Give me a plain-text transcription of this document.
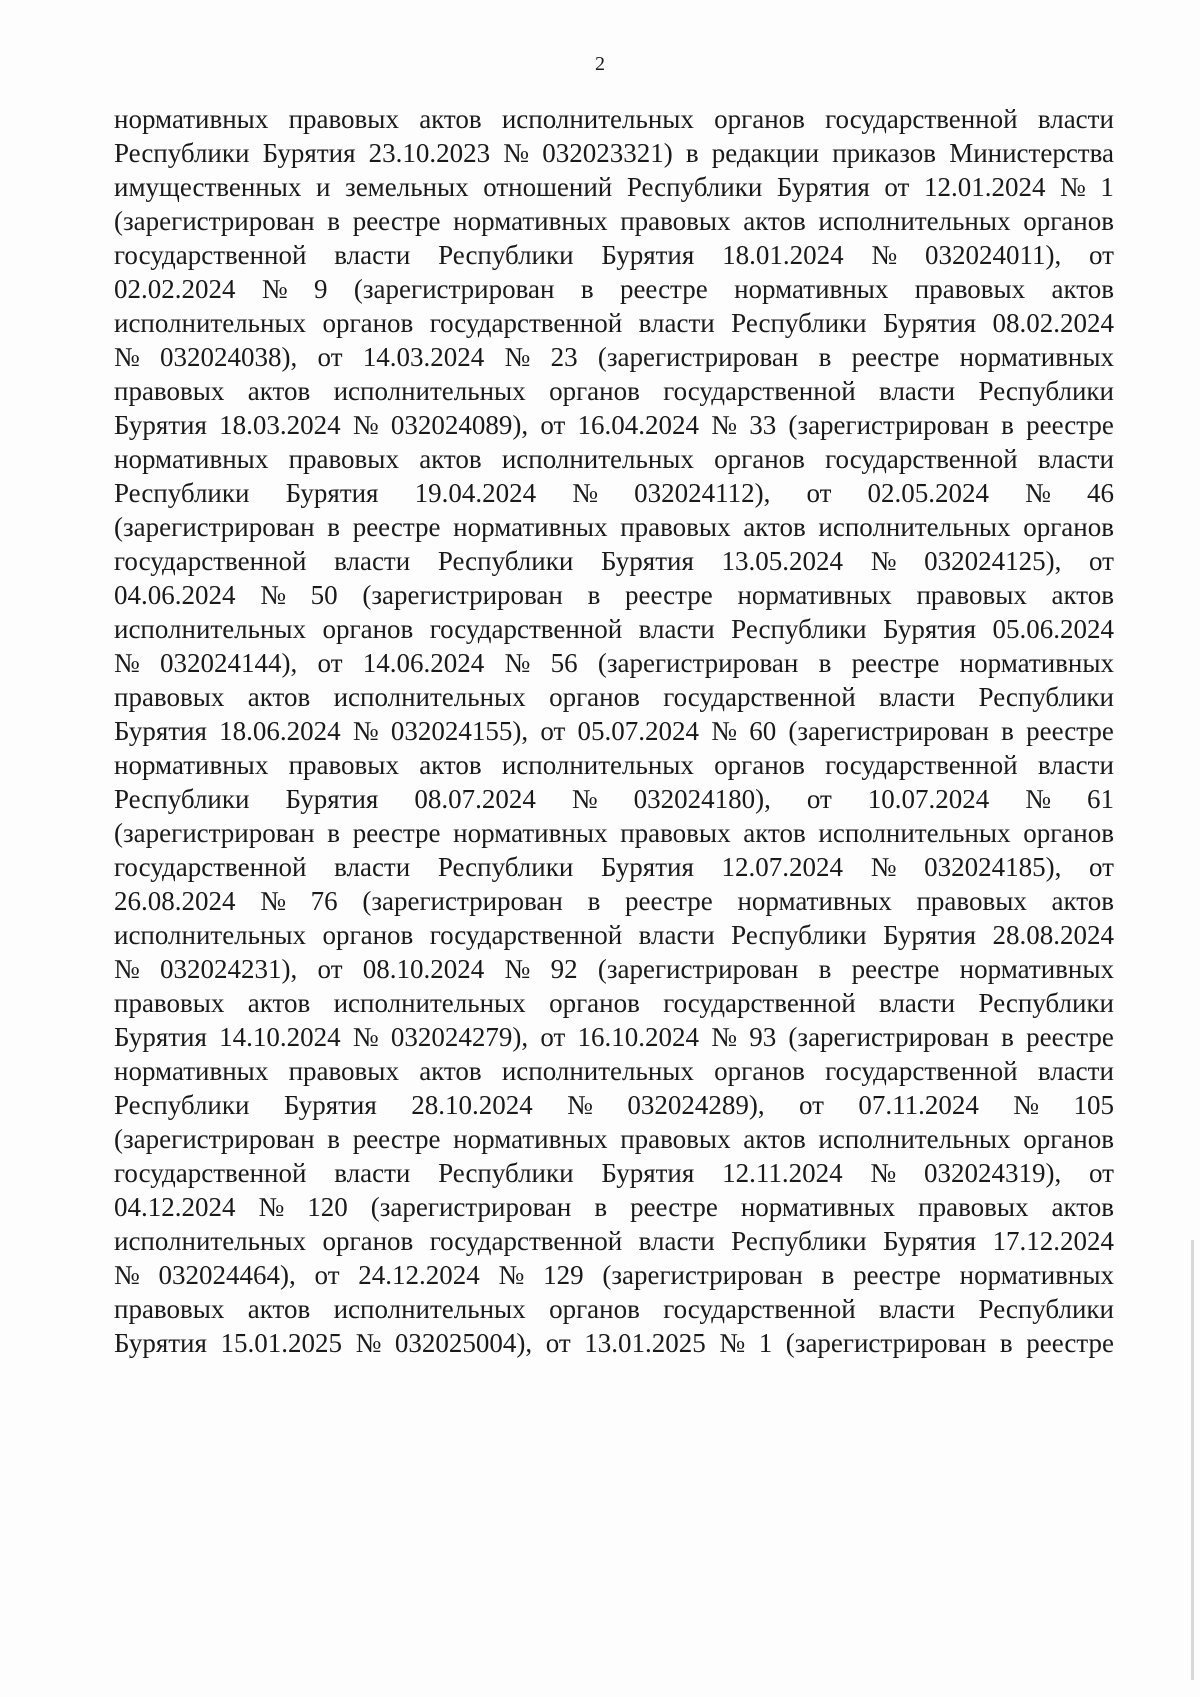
2
нормативных правовых актов исполнительных органов государственной власти
Республики Бурятия 23.10.2023 № 032023321) в редакции приказов Министерства
имущественных и земельных отношений Республики Бурятия от 12.01.2024 № 1
(зарегистрирован в реестре нормативных правовых актов исполнительных органов
государственной власти Республики Бурятия 18.01.2024 № 032024011), от
02.02.2024 № 9 (зарегистрирован в реестре нормативных правовых актов
исполнительных органов государственной власти Республики Бурятия 08.02.2024
№ 032024038), от 14.03.2024 № 23 (зарегистрирован в реестре нормативных
правовых актов исполнительных органов государственной власти Республики
Бурятия 18.03.2024 № 032024089), от 16.04.2024 № 33 (зарегистрирован в реестре
нормативных правовых актов исполнительных органов государственной власти
Республики Бурятия 19.04.2024 № 032024112), от 02.05.2024 № 46
(зарегистрирован в реестре нормативных правовых актов исполнительных органов
государственной власти Республики Бурятия 13.05.2024 № 032024125), от
04.06.2024 № 50 (зарегистрирован в реестре нормативных правовых актов
исполнительных органов государственной власти Республики Бурятия 05.06.2024
№ 032024144), от 14.06.2024 № 56 (зарегистрирован в реестре нормативных
правовых актов исполнительных органов государственной власти Республики
Бурятия 18.06.2024 № 032024155), от 05.07.2024 № 60 (зарегистрирован в реестре
нормативных правовых актов исполнительных органов государственной власти
Республики Бурятия 08.07.2024 № 032024180), от 10.07.2024 № 61
(зарегистрирован в реестре нормативных правовых актов исполнительных органов
государственной власти Республики Бурятия 12.07.2024 № 032024185), от
26.08.2024 № 76 (зарегистрирован в реестре нормативных правовых актов
исполнительных органов государственной власти Республики Бурятия 28.08.2024
№ 032024231), от 08.10.2024 № 92 (зарегистрирован в реестре нормативных
правовых актов исполнительных органов государственной власти Республики
Бурятия 14.10.2024 № 032024279), от 16.10.2024 № 93 (зарегистрирован в реестре
нормативных правовых актов исполнительных органов государственной власти
Республики Бурятия 28.10.2024 № 032024289), от 07.11.2024 № 105
(зарегистрирован в реестре нормативных правовых актов исполнительных органов
государственной власти Республики Бурятия 12.11.2024 № 032024319), от
04.12.2024 № 120 (зарегистрирован в реестре нормативных правовых актов
исполнительных органов государственной власти Республики Бурятия 17.12.2024
№ 032024464), от 24.12.2024 № 129 (зарегистрирован в реестре нормативных
правовых актов исполнительных органов государственной власти Республики
Бурятия 15.01.2025 № 032025004), от 13.01.2025 № 1 (зарегистрирован в реестре
